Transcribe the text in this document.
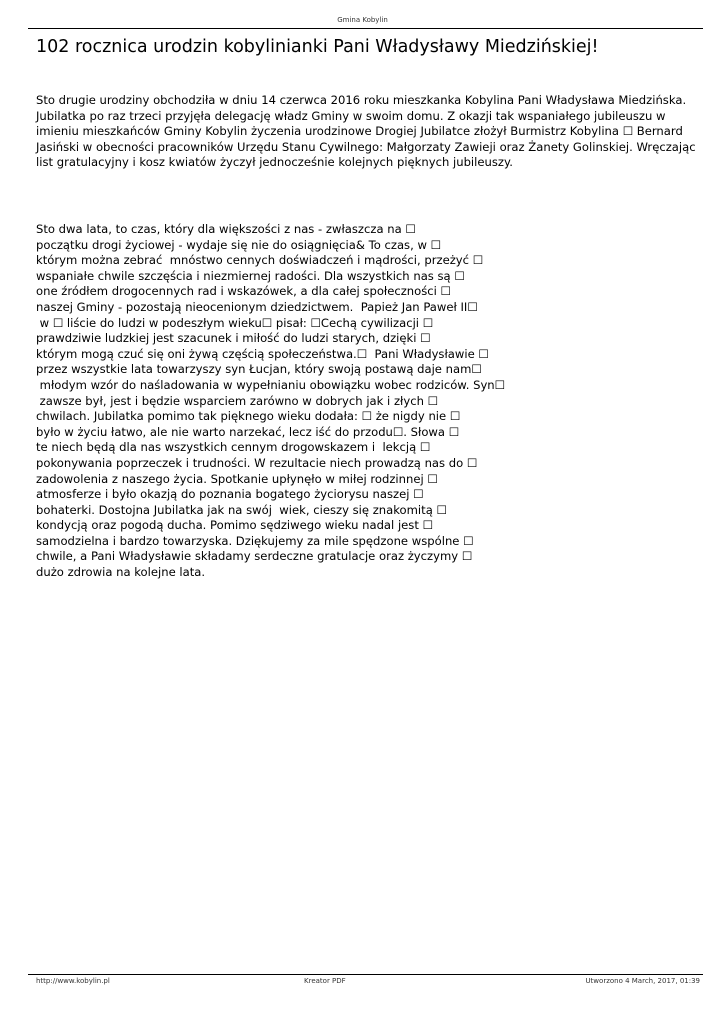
Gmina Kobylin
102 rocznica urodzin kobylinianki Pani Władysławy Miedzińskiej!

Sto drugie urodziny obchodziła w dniu 14 czerwca 2016 roku mieszkanka Kobylina Pani Władysława Miedzińska. Jubilatka po raz trzeci przyjęła delegację władz Gminy w swoim domu. Z okazji tak wspaniałego jubileuszu w imieniu mieszkańców Gminy Kobylin życzenia urodzinowe Drogiej Jubilatce złożył Burmistrz Kobylina ☐ Bernard Jasiński w obecności pracowników Urzędu Stanu Cywilnego: Małgorzaty Zawieji oraz Żanety Golinskiej. Wręczając list gratulacyjny i kosz kwiatów życzył jednocześnie kolejnych pięknych jubileuszy.

Sto dwa lata, to czas, który dla większości z nas - zwłaszcza na ☐
początku drogi życiowej - wydaje się nie do osiągnięcia& To czas, w ☐
którym można zebrać  mnóstwo cennych doświadczeń i mądrości, przeżyć ☐
wspaniałe chwile szczęścia i niezmiernej radości. Dla wszystkich nas są ☐
one źródłem drogocennych rad i wskazówek, a dla całej społeczności ☐
naszej Gminy - pozostają nieocenionym dziedzictwem.  Papież Jan Paweł II☐
w ☐ liście do ludzi w podeszłym wieku☐ pisał: ☐Cechą cywilizacji ☐
prawdziwie ludzkiej jest szacunek i miłość do ludzi starych, dzięki ☐
którym mogą czuć się oni żywą częścią społeczeństwa.☐  Pani Władysławie ☐
przez wszystkie lata towarzyszy syn Łucjan, który swoją postawą daje nam☐
młodym wzór do naśladowania w wypełnianiu obowiązku wobec rodziców. Syn☐
zawsze był, jest i będzie wsparciem zarówno w dobrych jak i złych ☐
chwilach. Jubilatka pomimo tak pięknego wieku dodała: ☐ że nigdy nie ☐
było w życiu łatwo, ale nie warto narzekać, lecz iść do przodu☐. Słowa ☐
te niech będą dla nas wszystkich cennym drogowskazem i  lekcją ☐
pokonywania poprzeczek i trudności. W rezultacie niech prowadzą nas do ☐
zadowolenia z naszego życia. Spotkanie upłynęło w miłej rodzinnej ☐
atmosferze i było okazją do poznania bogatego życiorysu naszej ☐
bohaterki. Dostojna Jubilatka jak na swój  wiek, cieszy się znakomitą ☐
kondycją oraz pogodą ducha. Pomimo sędziwego wieku nadal jest ☐
samodzielna i bardzo towarzyska. Dziękujemy za mile spędzone wspólne ☐
chwile, a Pani Władysławie składamy serdeczne gratulacje oraz życzymy ☐
dużo zdrowia na kolejne lata.
http://www.kobylin.pl	Kreator PDF	Utworzono 4 March, 2017, 01:39
